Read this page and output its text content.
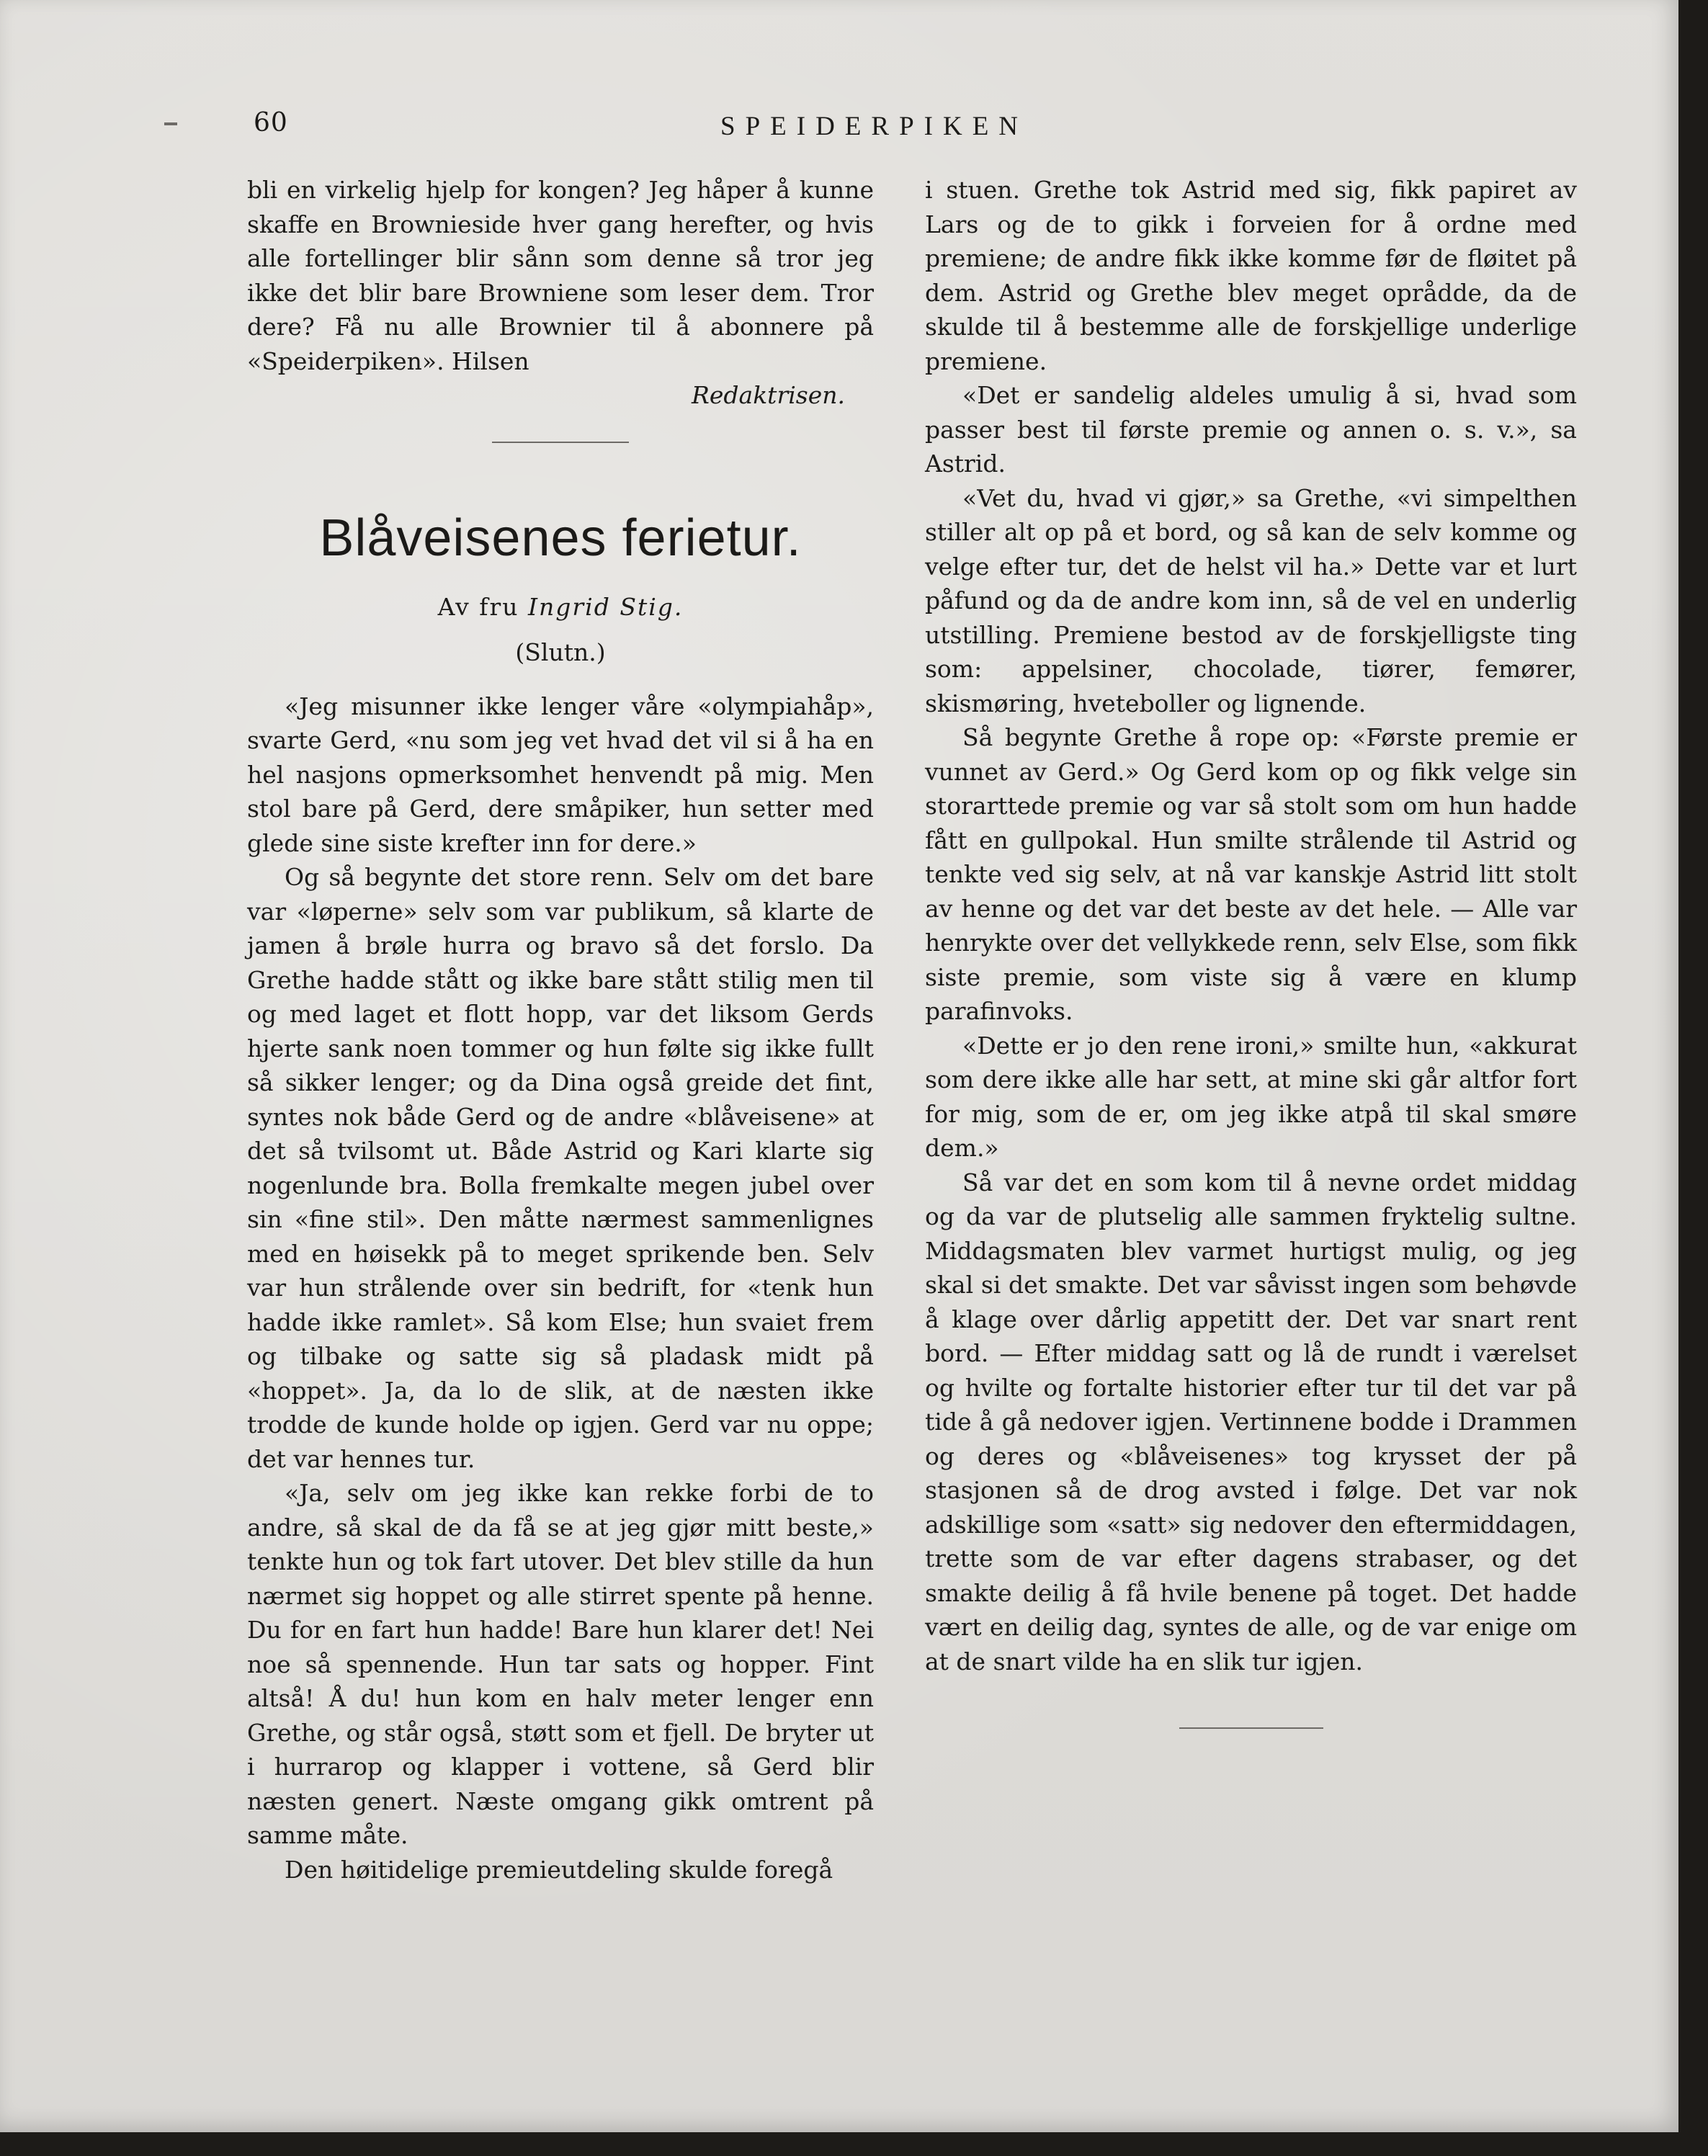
60	SPEIDERPIKEN

bli en virkelig hjelp for kongen? Jeg håper å kunne skaffe en Brownieside hver gang herefter, og hvis alle fortellinger blir sånn som denne så tror jeg ikke det blir bare Browniene som leser dem. Tror dere? Få nu alle Brownier til å abonnere på «Speiderpiken». Hilsen

Redaktrisen.
Blåveisenes ferietur.
Av fru Ingrid Stig.
(Slutn.)

«Jeg misunner ikke lenger våre «olympiahåp», svarte Gerd, «nu som jeg vet hvad det vil si å ha en hel nasjons opmerksomhet henvendt på mig. Men stol bare på Gerd, dere småpiker, hun setter med glede sine siste krefter inn for dere.»

Og så begynte det store renn. Selv om det bare var «løperne» selv som var publikum, så klarte de jamen å brøle hurra og bravo så det forslo. Da Grethe hadde stått og ikke bare stått stilig men til og med laget et flott hopp, var det liksom Gerds hjerte sank noen tommer og hun følte sig ikke fullt så sikker lenger; og da Dina også greide det fint, syntes nok både Gerd og de andre «blåveisene» at det så tvilsomt ut. Både Astrid og Kari klarte sig nogenlunde bra. Bolla fremkalte megen jubel over sin «fine stil». Den måtte nærmest sammenlignes med en høisekk på to meget sprikende ben. Selv var hun strålende over sin bedrift, for «tenk hun hadde ikke ramlet». Så kom Else; hun svaiet frem og tilbake og satte sig så pladask midt på «hoppet». Ja, da lo de slik, at de næsten ikke trodde de kunde holde op igjen. Gerd var nu oppe; det var hennes tur.

«Ja, selv om jeg ikke kan rekke forbi de to andre, så skal de da få se at jeg gjør mitt beste,» tenkte hun og tok fart utover. Det blev stille da hun nærmet sig hoppet og alle stirret spente på henne. Du for en fart hun hadde! Bare hun klarer det! Nei noe så spennende. Hun tar sats og hopper. Fint altså! Å du! hun kom en halv meter lenger enn Grethe, og står også, støtt som et fjell. De bryter ut i hurrarop og klapper i vottene, så Gerd blir næsten genert. Næste omgang gikk omtrent på samme måte.

Den høitidelige premieutdeling skulde foregå

i stuen. Grethe tok Astrid med sig, fikk papiret av Lars og de to gikk i forveien for å ordne med premiene; de andre fikk ikke komme før de fløitet på dem. Astrid og Grethe blev meget oprådde, da de skulde til å bestemme alle de forskjellige underlige premiene.

«Det er sandelig aldeles umulig å si, hvad som passer best til første premie og annen o. s. v.», sa Astrid.

«Vet du, hvad vi gjør,» sa Grethe, «vi simpelthen stiller alt op på et bord, og så kan de selv komme og velge efter tur, det de helst vil ha.» Dette var et lurt påfund og da de andre kom inn, så de vel en underlig utstilling. Premiene bestod av de forskjelligste ting som: appelsiner, chocolade, tiører, femører, skismøring, hveteboller og lignende.

Så begynte Grethe å rope op: «Første premie er vunnet av Gerd.» Og Gerd kom op og fikk velge sin storarttede premie og var så stolt som om hun hadde fått en gullpokal. Hun smilte strålende til Astrid og tenkte ved sig selv, at nå var kanskje Astrid litt stolt av henne og det var det beste av det hele. — Alle var henrykte over det vellykkede renn, selv Else, som fikk siste premie, som viste sig å være en klump parafinvoks.

«Dette er jo den rene ironi,» smilte hun, «akkurat som dere ikke alle har sett, at mine ski går altfor fort for mig, som de er, om jeg ikke atpå til skal smøre dem.»

Så var det en som kom til å nevne ordet middag og da var de plutselig alle sammen fryktelig sultne. Middagsmaten blev varmet hurtigst mulig, og jeg skal si det smakte. Det var såvisst ingen som behøvde å klage over dårlig appetitt der. Det var snart rent bord. — Efter middag satt og lå de rundt i værelset og hvilte og fortalte historier efter tur til det var på tide å gå nedover igjen. Vertinnene bodde i Drammen og deres og «blåveisenes» tog krysset der på stasjonen så de drog avsted i følge. Det var nok adskillige som «satt» sig nedover den eftermiddagen, trette som de var efter dagens strabaser, og det smakte deilig å få hvile benene på toget. Det hadde vært en deilig dag, syntes de alle, og de var enige om at de snart vilde ha en slik tur igjen.
